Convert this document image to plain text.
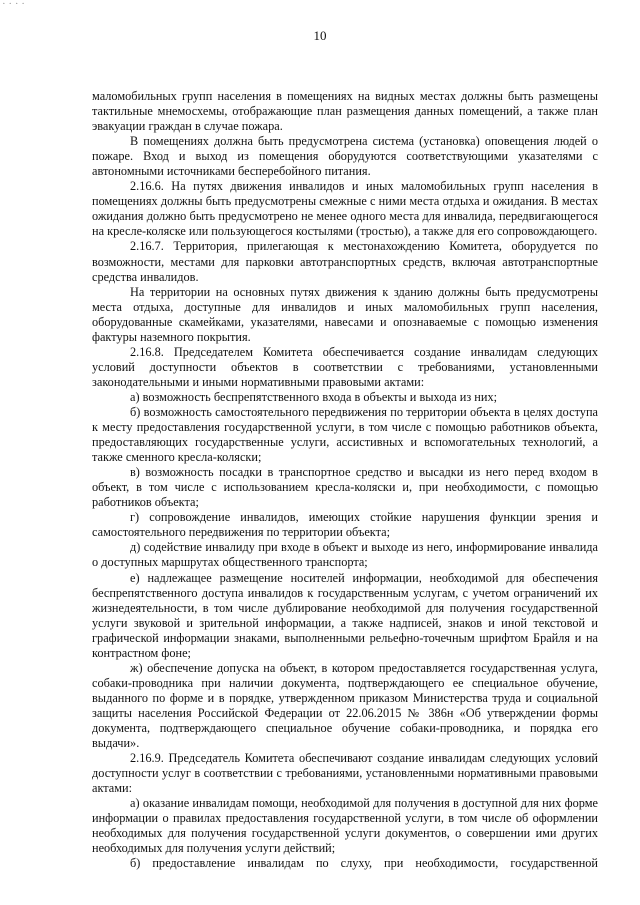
· · · ·
10

маломобильных групп населения в помещениях на видных местах должны быть размещены тактильные мнемосхемы, отображающие план размещения данных помещений, а также план эвакуации граждан в случае пожара.

В помещениях должна быть предусмотрена система (установка) оповещения людей о пожаре. Вход и выход из помещения оборудуются соответствующими указателями с автономными источниками бесперебойного питания.

2.16.6. На путях движения инвалидов и иных маломобильных групп населения в помещениях должны быть предусмотрены смежные с ними места отдыха и ожидания. В местах ожидания должно быть предусмотрено не менее одного места для инвалида, передвигающегося на кресле-коляске или пользующегося костылями (тростью), а также для его сопровождающего.

2.16.7. Территория, прилегающая к местонахождению Комитета, оборудуется по возможности, местами для парковки автотранспортных средств, включая автотранспортные средства инвалидов.

На территории на основных путях движения к зданию должны быть предусмотрены места отдыха, доступные для инвалидов и иных маломобильных групп населения, оборудованные скамейками, указателями, навесами и опознаваемые с помощью изменения фактуры наземного покрытия.

2.16.8. Председателем Комитета обеспечивается создание инвалидам следующих условий доступности объектов в соответствии с требованиями, установленными законодательными и иными нормативными правовыми актами:

а) возможность беспрепятственного входа в объекты и выхода из них;

б) возможность самостоятельного передвижения по территории объекта в целях доступа к месту предоставления государственной услуги, в том числе с помощью работников объекта, предоставляющих государственные услуги, ассистивных и вспомогательных технологий, а также сменного кресла-коляски;

в) возможность посадки в транспортное средство и высадки из него перед входом в объект, в том числе с использованием кресла-коляски и, при необходимости, с помощью работников объекта;

г) сопровождение инвалидов, имеющих стойкие нарушения функции зрения и самостоятельного передвижения по территории объекта;

д) содействие инвалиду при входе в объект и выходе из него, информирование инвалида о доступных маршрутах общественного транспорта;

е) надлежащее размещение носителей информации, необходимой для обеспечения беспрепятственного доступа инвалидов к государственным услугам, с учетом ограничений их жизнедеятельности, в том числе дублирование необходимой для получения государственной услуги звуковой и зрительной информации, а также надписей, знаков и иной текстовой и графической информации знаками, выполненными рельефно-точечным шрифтом Брайля и на контрастном фоне;

ж) обеспечение допуска на объект, в котором предоставляется государственная услуга, собаки-проводника при наличии документа, подтверждающего ее специальное обучение, выданного по форме и в порядке, утвержденном приказом Министерства труда и социальной защиты населения Российской Федерации от 22.06.2015 № 386н «Об утверждении формы документа, подтверждающего специальное обучение собаки-проводника, и порядка его выдачи».

2.16.9. Председатель Комитета обеспечивают создание инвалидам следующих условий доступности услуг в соответствии с требованиями, установленными нормативными правовыми актами:

а) оказание инвалидам помощи, необходимой для получения в доступной для них форме информации о правилах предоставления государственной услуги, в том числе об оформлении необходимых для получения государственной услуги документов, о совершении ими других необходимых для получения услуги действий;

б) предоставление инвалидам по слуху, при необходимости, государственной
